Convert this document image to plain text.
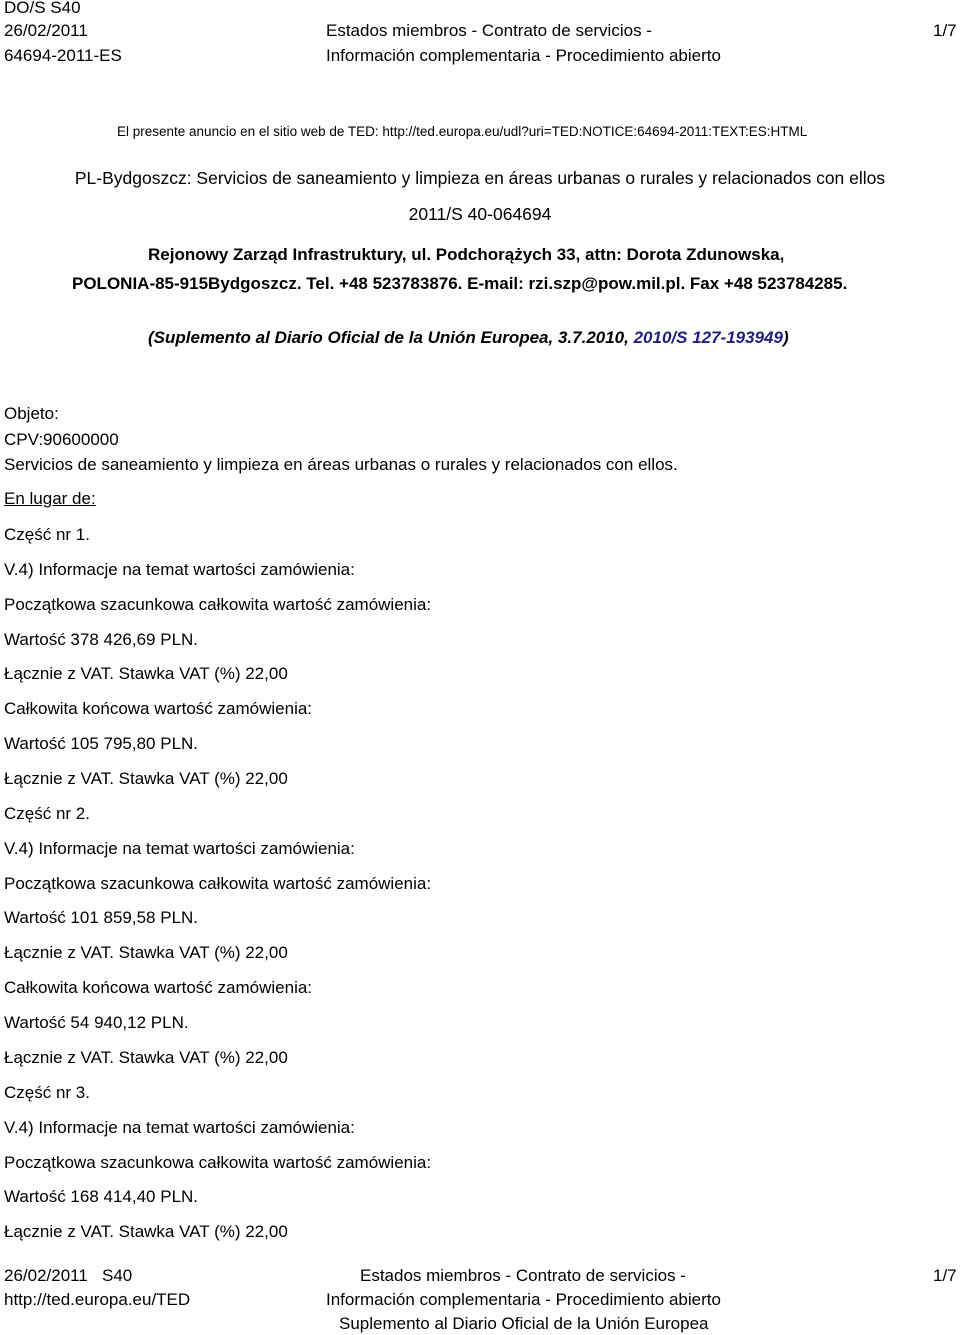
DO/S S40
26/02/2011
64694-2011-ES
Estados miembros - Contrato de servicios -
Información complementaria - Procedimiento abierto
1/7
El presente anuncio en el sitio web de TED: http://ted.europa.eu/udl?uri=TED:NOTICE:64694-2011:TEXT:ES:HTML
PL-Bydgoszcz: Servicios de saneamiento y limpieza en áreas urbanas o rurales y relacionados con ellos
2011/S 40-064694
Rejonowy Zarząd Infrastruktury, ul. Podchorążych 33, attn: Dorota Zdunowska,
POLONIA-85-915Bydgoszcz. Tel. +48 523783876. E-mail: rzi.szp@pow.mil.pl. Fax +48 523784285.
(Suplemento al Diario Oficial de la Unión Europea, 3.7.2010, 2010/S 127-193949)
Objeto:
CPV:90600000
Servicios de saneamiento y limpieza en áreas urbanas o rurales y relacionados con ellos.
En lugar de:
Część nr 1.
V.4) Informacje na temat wartości zamówienia:
Początkowa szacunkowa całkowita wartość zamówienia:
Wartość 378 426,69 PLN.
Łącznie z VAT. Stawka VAT (%) 22,00
Całkowita końcowa wartość zamówienia:
Wartość 105 795,80 PLN.
Łącznie z VAT. Stawka VAT (%) 22,00
Część nr 2.
V.4) Informacje na temat wartości zamówienia:
Początkowa szacunkowa całkowita wartość zamówienia:
Wartość 101 859,58 PLN.
Łącznie z VAT. Stawka VAT (%) 22,00
Całkowita końcowa wartość zamówienia:
Wartość 54 940,12 PLN.
Łącznie z VAT. Stawka VAT (%) 22,00
Część nr 3.
V.4) Informacje na temat wartości zamówienia:
Początkowa szacunkowa całkowita wartość zamówienia:
Wartość 168 414,40 PLN.
Łącznie z VAT. Stawka VAT (%) 22,00
26/02/2011   S40
http://ted.europa.eu/TED
Estados miembros - Contrato de servicios -
Información complementaria - Procedimiento abierto
Suplemento al Diario Oficial de la Unión Europea
1/7
